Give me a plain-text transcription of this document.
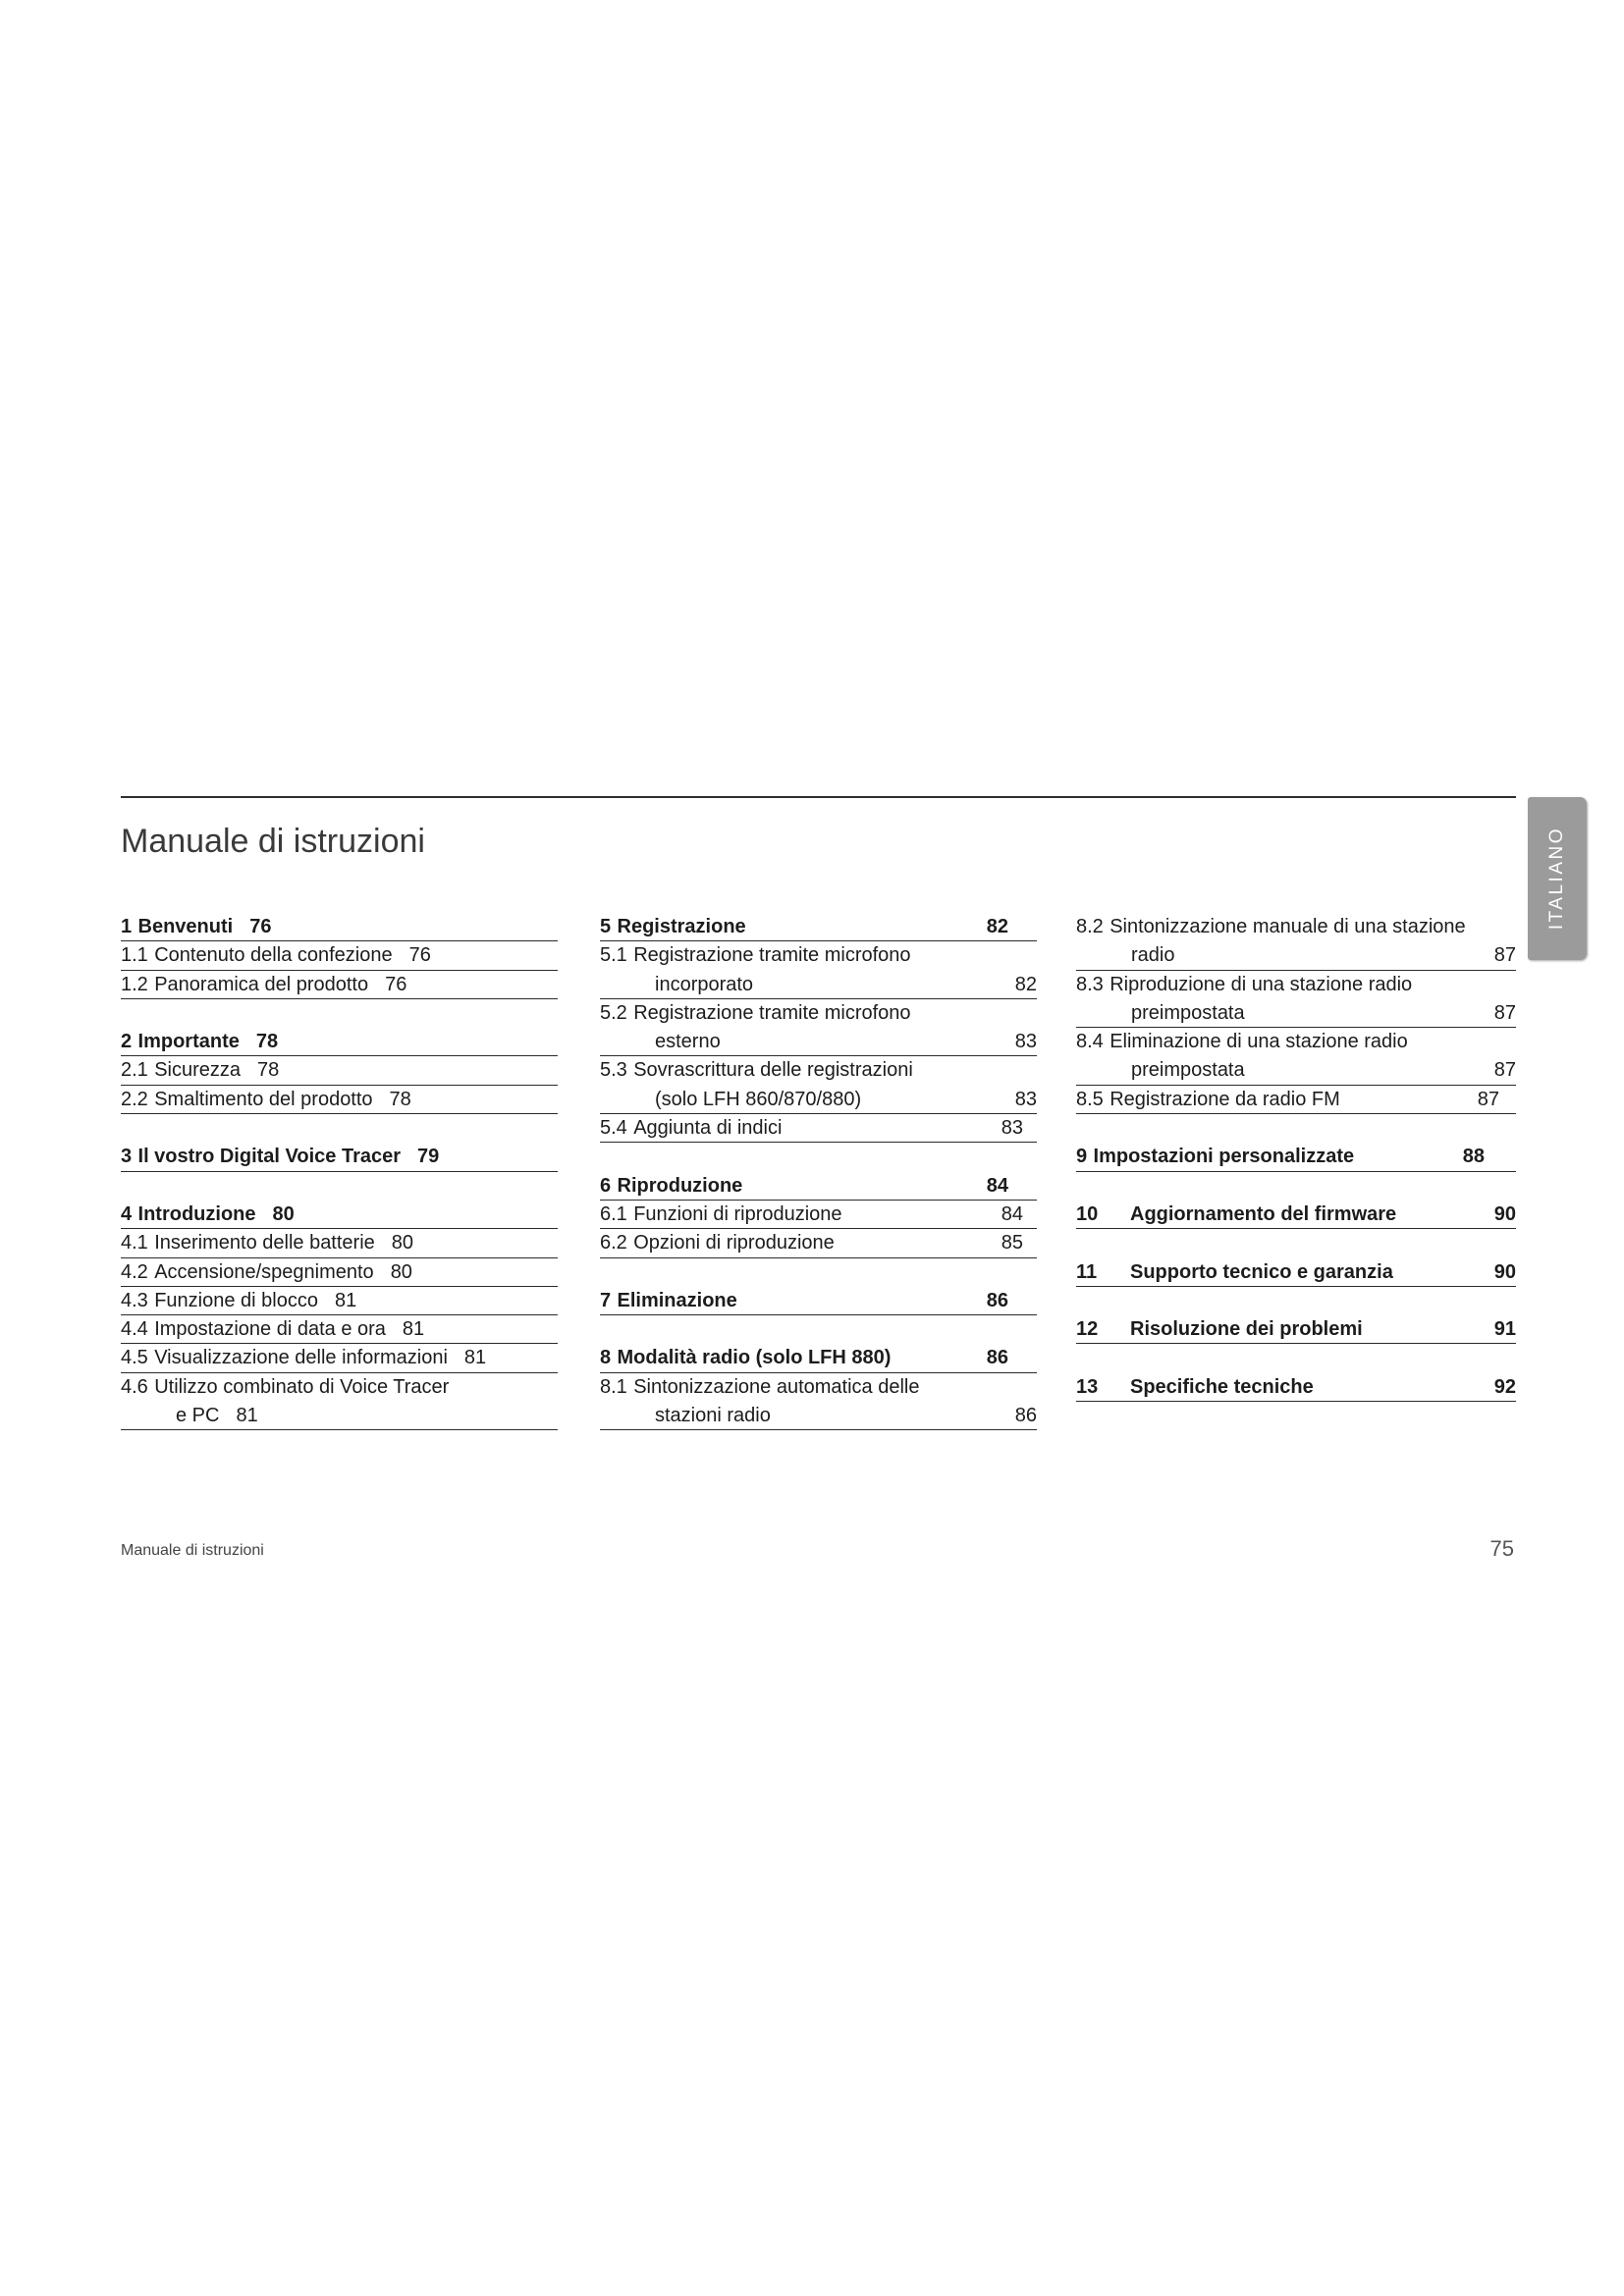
Manuale di istruzioni	ITALIANO
1 Benvenuti 76
1.1 Contenuto della confezione 76
1.2 Panoramica del prodotto 76
2 Importante 78
2.1 Sicurezza 78
2.2 Smaltimento del prodotto 78
3 Il vostro Digital Voice Tracer 79
4 Introduzione 80
4.1 Inserimento delle batterie 80
4.2 Accensione/spegnimento 80
4.3 Funzione di blocco 81
4.4 Impostazione di data e ora 81
4.5 Visualizzazione delle informazioni 81
4.6 Utilizzo combinato di Voice Tracer
e PC 81
5 Registrazione	82
5.1 Registrazione tramite microfono
incorporato	82
5.2 Registrazione tramite microfono
esterno	83
5.3 Sovrascrittura delle registrazioni
(solo LFH 860/870/880)	83
5.4 Aggiunta di indici	83
6 Riproduzione	84
6.1 Funzioni di riproduzione	84
6.2 Opzioni di riproduzione	85
7 Eliminazione	86
8 Modalità radio (solo LFH 880)	86
8.1 Sintonizzazione automatica delle
stazioni radio	86
8.2 Sintonizzazione manuale di una stazione
radio	87
8.3 Riproduzione di una stazione radio
preimpostata	87
8.4 Eliminazione di una stazione radio
preimpostata	87
8.5 Registrazione da radio FM	87
9 Impostazioni personalizzate	88
10	Aggiornamento del firmware	90
11	Supporto tecnico e garanzia	90
12	Risoluzione dei problemi	91
13	Specifiche tecniche	92
Manuale di istruzioni	75
